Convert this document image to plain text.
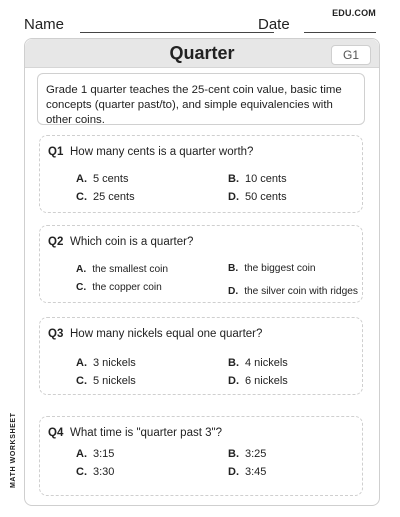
Name	Date
EDU.COM
Quarter	G1
Grade 1 quarter teaches the 25-cent coin value, basic time concepts (quarter past/to), and simple equivalencies with other coins.
Q1 How many cents is a quarter worth?
A. 5 cents	B. 10 cents
C. 25 cents	D. 50 cents
Q2 Which coin is a quarter?
A. the smallest coin	B. the biggest coin
C. the copper coin	D. the silver coin with ridges
Q3 How many nickels equal one quarter?
A. 3 nickels	B. 4 nickels
C. 5 nickels	D. 6 nickels
Q4 What time is "quarter past 3"?
A. 3:15	B. 3:25
C. 3:30	D. 3:45
MATH WORKSHEET
